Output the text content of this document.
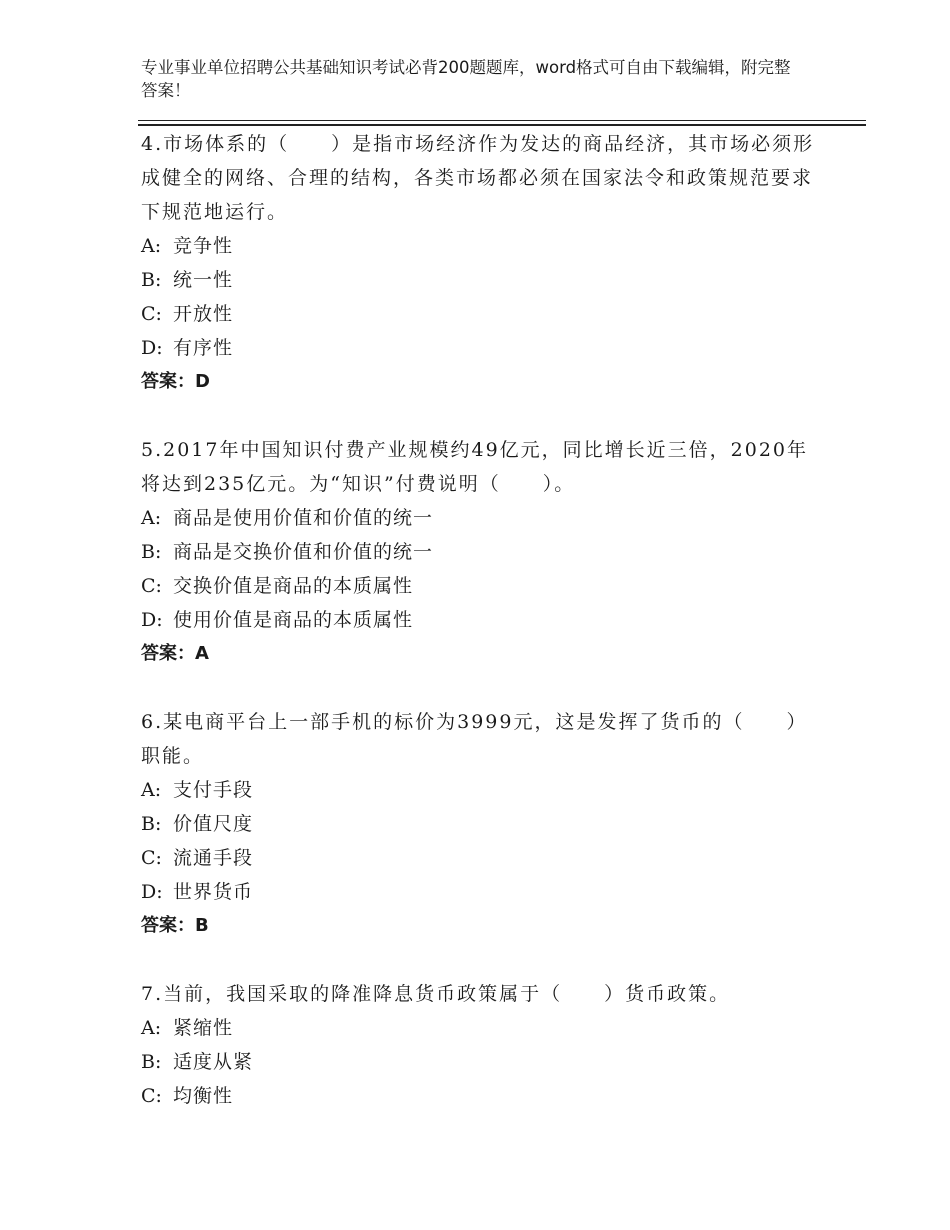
专业事业单位招聘公共基础知识考试必背200题题库，word格式可自由下载编辑，附完整答案！
4.市场体系的（　　）是指市场经济作为发达的商品经济，其市场必须形成健全的网络、合理的结构，各类市场都必须在国家法令和政策规范要求下规范地运行。
A: 竞争性
B: 统一性
C: 开放性
D: 有序性
答案：D
5.2017年中国知识付费产业规模约49亿元，同比增长近三倍，2020年将达到235亿元。为“知识”付费说明（　　）。
A: 商品是使用价值和价值的统一
B: 商品是交换价值和价值的统一
C: 交换价值是商品的本质属性
D: 使用价值是商品的本质属性
答案：A
6.某电商平台上一部手机的标价为3999元，这是发挥了货币的（　　）职能。
A: 支付手段
B: 价值尺度
C: 流通手段
D: 世界货币
答案：B
7.当前，我国采取的降准降息货币政策属于（　　）货币政策。
A: 紧缩性
B: 适度从紧
C: 均衡性
